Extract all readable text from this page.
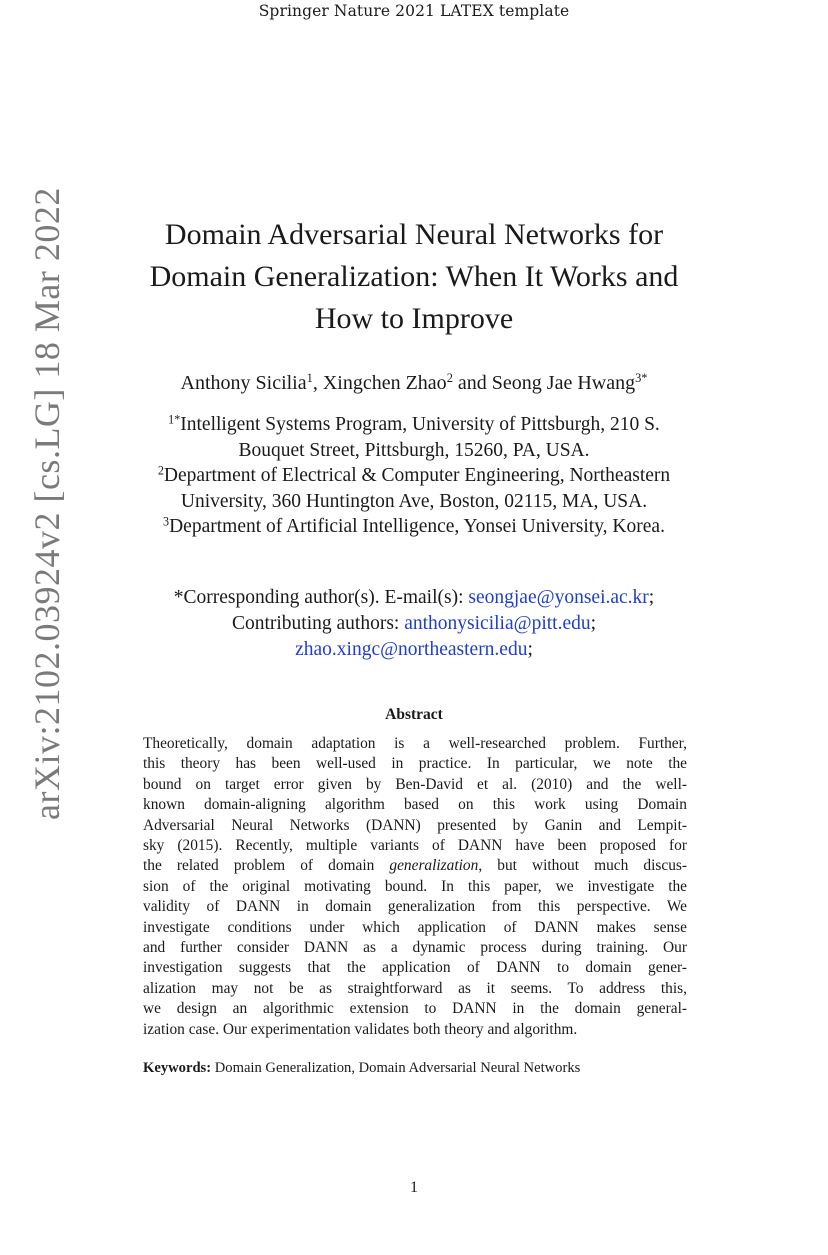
Springer Nature 2021 LATEX template
arXiv:2102.03924v2 [cs.LG] 18 Mar 2022	Domain Adversarial Neural Networks for
Domain Generalization: When It Works and
How to Improve
Anthony Sicilia$^1$, Xingchen Zhao$^2$ and Seong Jae Hwang$^{3*}$
$^{1*}$Intelligent Systems Program, University of Pittsburgh, 210 S.
Bouquet Street, Pittsburgh, 15260, PA, USA.
$^2$Department of Electrical & Computer Engineering, Northeastern
University, 360 Huntington Ave, Boston, 02115, MA, USA.
$^3$Department of Artificial Intelligence, Yonsei University, Korea.
*Corresponding author(s). E-mail(s): seongjae@yonsei.ac.kr;
Contributing authors: anthonysicilia@pitt.edu;
zhao.xingc@northeastern.edu;
Abstract
Theoretically, domain adaptation is a well-researched problem. Further,
this theory has been well-used in practice. In particular, we note the
bound on target error given by Ben-David et al. (2010) and the well-
known domain-aligning algorithm based on this work using Domain
Adversarial Neural Networks (DANN) presented by Ganin and Lempit-
sky (2015). Recently, multiple variants of DANN have been proposed for
the related problem of domain generalization, but without much discus-
sion of the original motivating bound. In this paper, we investigate the
validity of DANN in domain generalization from this perspective. We
investigate conditions under which application of DANN makes sense
and further consider DANN as a dynamic process during training. Our
investigation suggests that the application of DANN to domain gener-
alization may not be as straightforward as it seems. To address this,
we design an algorithmic extension to DANN in the domain general-
ization case. Our experimentation validates both theory and algorithm.
Keywords: Domain Generalization, Domain Adversarial Neural Networks
1
